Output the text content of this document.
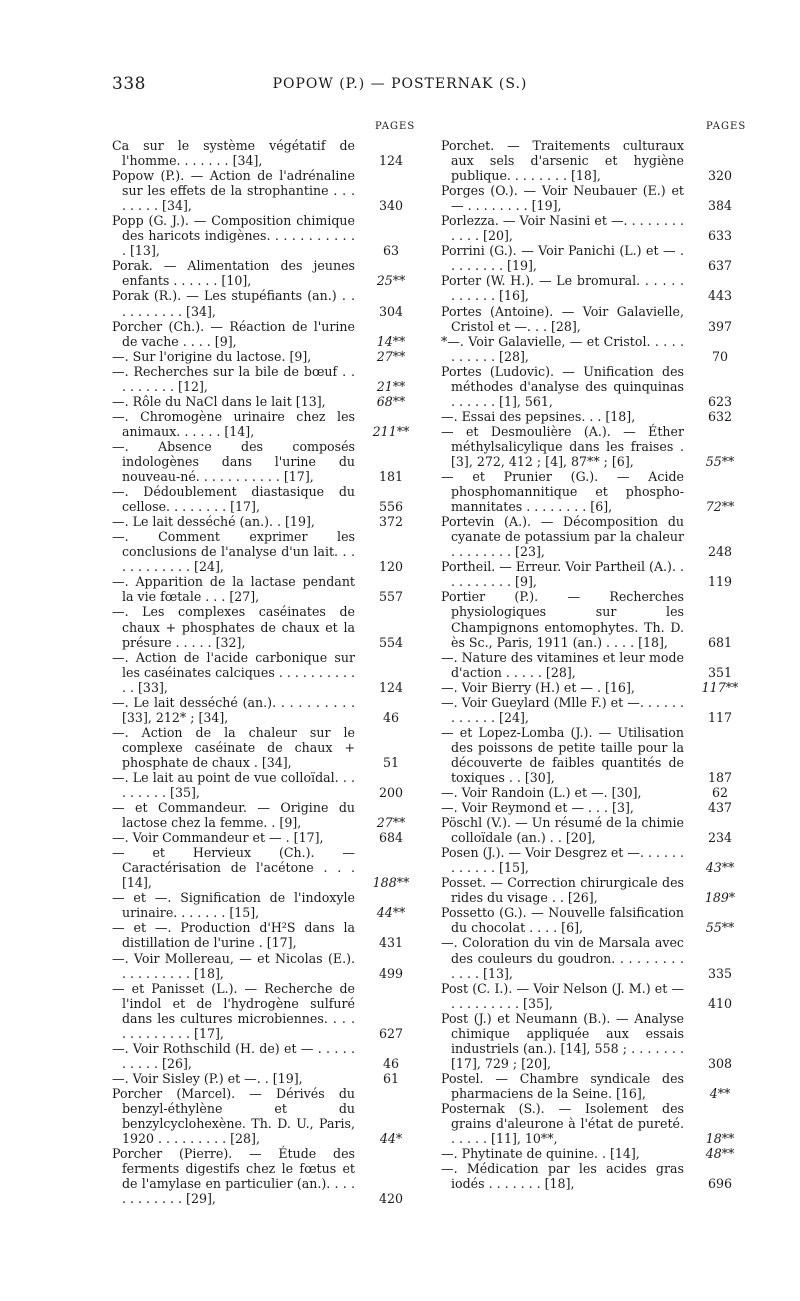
338	POPOW (P.) — POSTERNAK (S.)
PAGES	PAGES
Ca sur le système végétatif de l'homme. . . . . . . [34],	124
Popow (P.). — Action de l'adrénaline sur les effets de la strophantine . . . . . . . . [34],	340
Popp (G. J.). — Composition chimique des haricots indigènes. . . . . . . . . . . . [13],	63
Porak. — Alimentation des jeunes enfants . . . . . . [10],	25**
Porak (R.). — Les stupéfiants (an.) . . . . . . . . . . [34],	304
Porcher (Ch.). — Réaction de l'urine de vache . . . . [9],	14**
—. Sur l'origine du lactose. [9],	27**
—. Recherches sur la bile de bœuf . . . . . . . . . [12],	21**
—. Rôle du NaCl dans le lait [13],	68**
—. Chromogène urinaire chez les animaux. . . . . . [14],	211**
—. Absence des composés indologènes dans l'urine du nouveau-né. . . . . . . . . . . [17],	181
—. Dédoublement diastasique du cellose. . . . . . . . [17],	556
—. Le lait desséché (an.). . [19],	372
—. Comment exprimer les conclusions de l'analyse d'un lait. . . . . . . . . . . . [24],	120
—. Apparition de la lactase pendant la vie fœtale . . . [27],	557
—. Les complexes caséinates de chaux + phosphates de chaux et la présure . . . . . [32],	554
—. Action de l'acide carbonique sur les caséinates calciques . . . . . . . . . . . . [33],	124
—. Le lait desséché (an.). . . . . . . . . . [33], 212* ; [34],	46
—. Action de la chaleur sur le complexe caséinate de chaux + phosphate de chaux . [34],	51
—. Le lait au point de vue colloïdal. . . . . . . . . [35],	200
— et Commandeur. — Origine du lactose chez la femme. . [9],	27**
—. Voir Commandeur et — . [17],	684
— et Hervieux (Ch.). — Caractérisation de l'acétone . . . [14],	188**
— et —. Signification de l'indoxyle urinaire. . . . . . . [15],	44**
— et —. Production d'H²S dans la distillation de l'urine . [17],	431
—. Voir Mollereau, — et Nicolas (E.). . . . . . . . . . [18],	499
— et Panisset (L.). — Recherche de l'indol et de l'hydrogène sulfuré dans les cultures microbiennes. . . . . . . . . . . . . [17],	627
—. Voir Rothschild (H. de) et — . . . . . . . . . . [26],	46
—. Voir Sisley (P.) et —. . [19],	61
Porcher (Marcel). — Dérivés du benzyl-éthylène et du benzylcyclohexène. Th. D. U., Paris, 1920 . . . . . . . . . [28],	44*
Porcher (Pierre). — Étude des ferments digestifs chez le fœtus et de l'amylase en particulier (an.). . . . . . . . . . . . [29],	420
Porchet. — Traitements culturaux aux sels d'arsenic et hygiène publique. . . . . . . . [18],	320
Porges (O.). — Voir Neubauer (E.) et — . . . . . . . . [19],	384
Porlezza. — Voir Nasini et —. . . . . . . . . . . . [20],	633
Porrini (G.). — Voir Panichi (L.) et — . . . . . . . . [19],	637
Porter (W. H.). — Le bromural. . . . . . . . . . . . [16],	443
Portes (Antoine). — Voir Galavielle, Cristol et —. . . [28],	397
*—. Voir Galavielle, — et Cristol. . . . . . . . . . . [28],	70
Portes (Ludovic). — Unification des méthodes d'analyse des quinquinas . . . . . . [1], 561,	623
—. Essai des pepsines. . . [18],	632
— et Desmoulière (A.). — Éther méthylsalicylique dans les fraises . [3], 272, 412 ; [4], 87** ; [6],	55**
— et Prunier (G.). — Acide phosphomannitique et phospho-mannitates . . . . . . . . [6],	72**
Portevin (A.). — Décomposition du cyanate de potassium par la chaleur . . . . . . . . [23],	248
Portheil. — Erreur. Voir Partheil (A.). . . . . . . . . . [9],	119
Portier (P.). — Recherches physiologiques sur les Champignons entomophytes. Th. D. ès Sc., Paris, 1911 (an.) . . . . [18],	681
—. Nature des vitamines et leur mode d'action . . . . . [28],	351
—. Voir Bierry (H.) et — . [16],	117**
—. Voir Gueylard (Mlle F.) et —. . . . . . . . . . . . [24],	117
— et Lopez-Lomba (J.). — Utilisation des poissons de petite taille pour la découverte de faibles quantités de toxiques . . [30],	187
—. Voir Randoin (L.) et —. [30],	62
—. Voir Reymond et — . . . [3],	437
Pöschl (V.). — Un résumé de la chimie colloïdale (an.) . . [20],	234
Posen (J.). — Voir Desgrez et —. . . . . . . . . . . . [15],	43**
Posset. — Correction chirurgicale des rides du visage . . [26],	189*
Possetto (G.). — Nouvelle falsification du chocolat . . . . [6],	55**
—. Coloration du vin de Marsala avec des couleurs du goudron. . . . . . . . . . . . . [13],	335
Post (C. I.). — Voir Nelson (J. M.) et — . . . . . . . . . [35],	410
Post (J.) et Neumann (B.). — Analyse chimique appliquée aux essais industriels (an.). [14], 558 ; . . . . . . . [17], 729 ; [20],	308
Postel. — Chambre syndicale des pharmaciens de la Seine. [16],	4**
Posternak (S.). — Isolement des grains d'aleurone à l'état de pureté. . . . . . [11], 10**,	18**
—. Phytinate de quinine. . [14],	48**
—. Médication par les acides gras iodés . . . . . . . [18],	696
